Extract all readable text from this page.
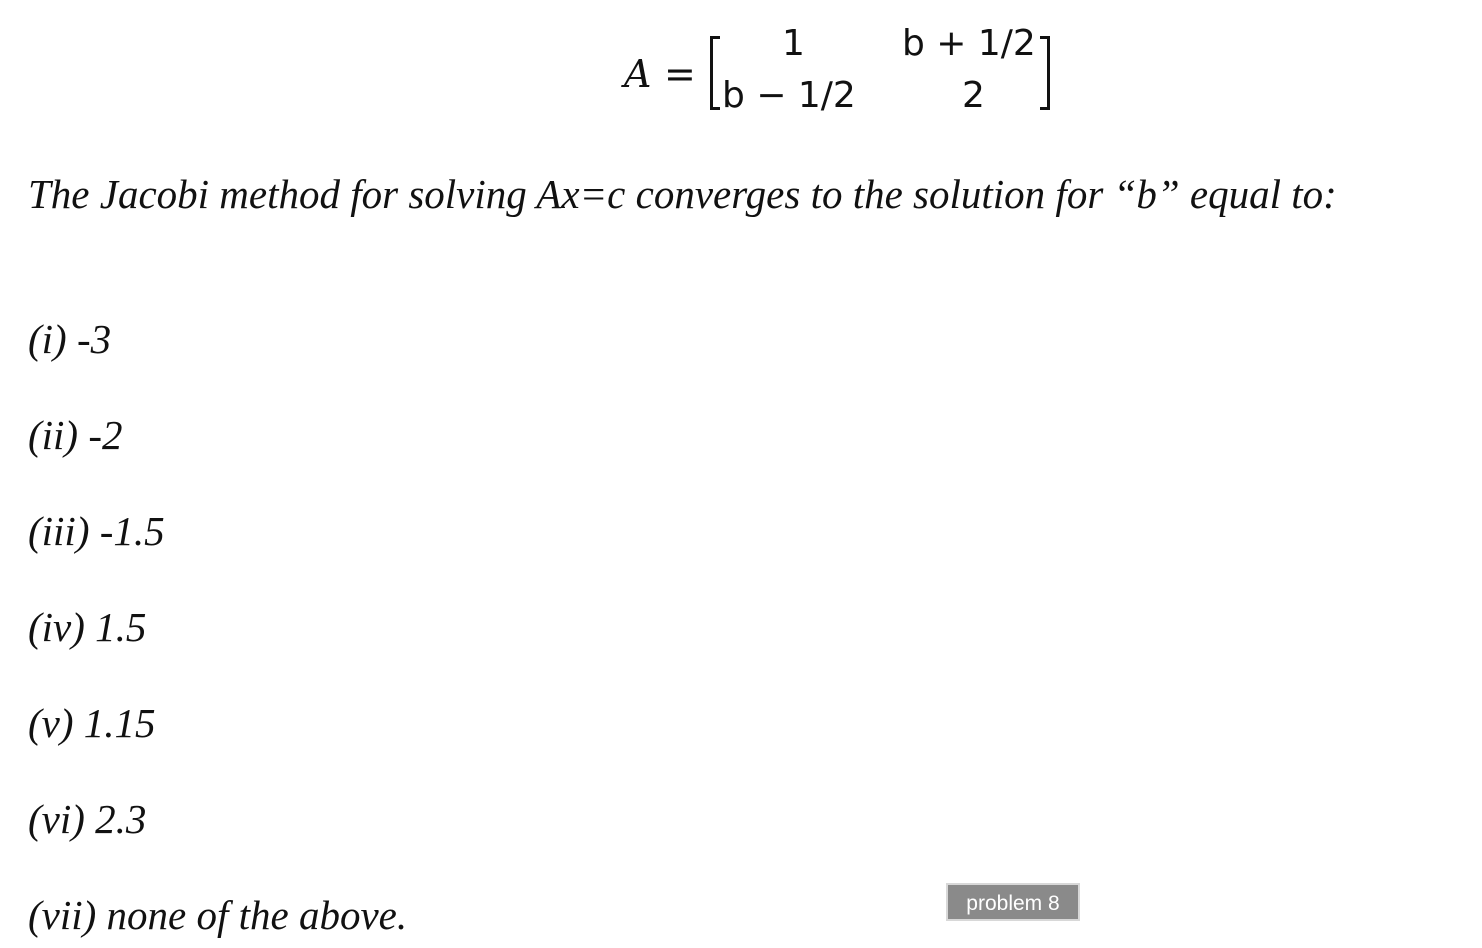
A =
1	b + 1/2
b − 1/2	2
The Jacobi method for solving Ax=c converges to the solution for “b” equal to:
(i) -3
(ii) -2
(iii) -1.5
(iv) 1.5
(v) 1.15
(vi) 2.3
(vii) none of the above.	problem 8
